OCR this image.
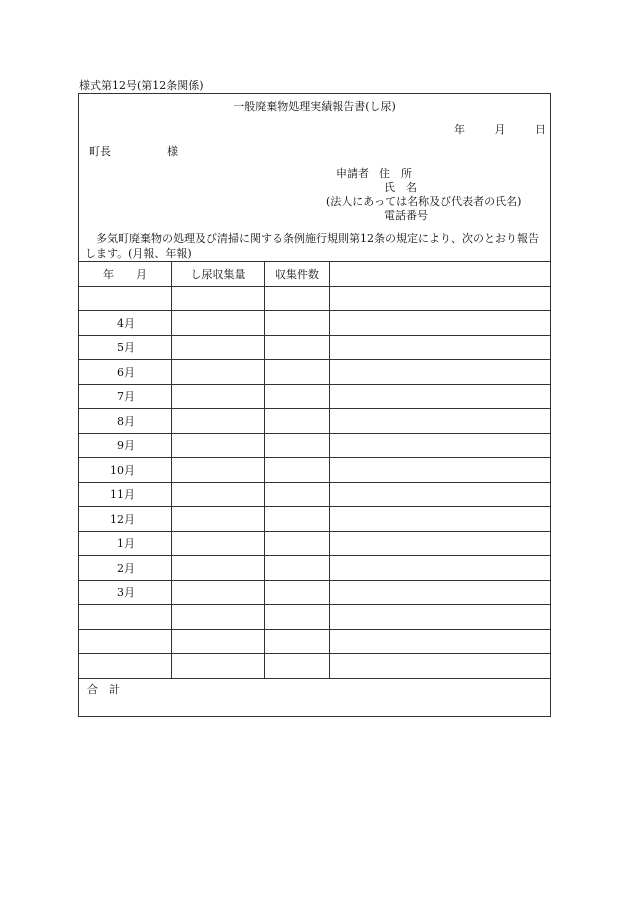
様式第12号(第12条関係)
一般廃棄物処理実績報告書(し尿)
年	月	日
町長	様
申請者 住　所
氏　名
(法人にあっては名称及び代表者の氏名)
電話番号
多気町廃棄物の処理及び清掃に関する条例施行規則第12条の規定により、次のとおり報告します。(月報、年報)
年　　月	し尿収集量	収集件数	

4月			
5月			
6月			
7月			
8月			
9月			
10月			
11月			
12月			
1月			
2月			
3月			

合　計
